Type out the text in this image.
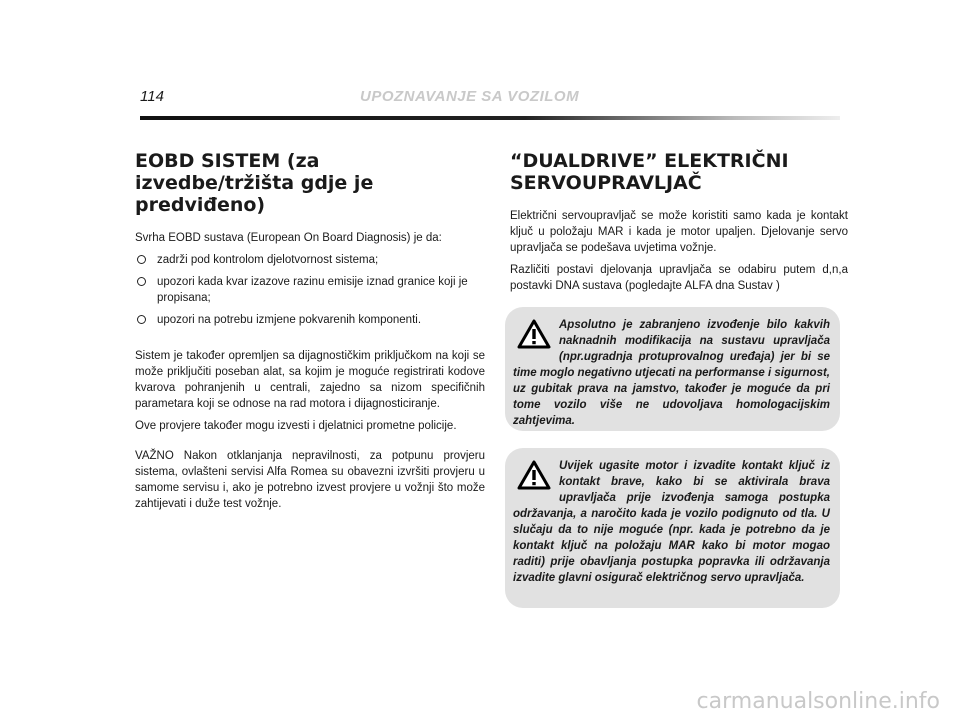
114	UPOZNAVANJE SA VOZILOM
EOBD SISTEM (za izvedbe/tržišta gdje je predviđeno)

Svrha EOBD sustava (European On Board Diagnosis) je da:

zadrži pod kontrolom djelotvornost sistema;
upozori kada kvar izazove razinu emisije iznad granice koji je propisana;
upozori na potrebu izmjene pokvarenih komponenti.

Sistem je također opremljen sa dijagnostičkim priključkom na koji se može priključiti poseban alat, sa kojim je moguće registrirati kodove kvarova pohranjenih u centrali, zajedno sa nizom specifičnih parametara koji se odnose na rad motora i dijagnosticiranje.

Ove provjere također mogu izvesti i djelatnici prometne policije.

VAŽNO Nakon otklanjanja nepravilnosti, za potpunu provjeru sistema, ovlašteni servisi Alfa Romea su obavezni izvršiti provjeru u samome servisu i, ako je potrebno izvest provjere u vožnji što može zahtijevati i duže test vožnje.

“DUALDRIVE” ELEKTRIČNI SERVOUPRAVLJAČ

Električni servoupravljač se može koristiti samo kada je kontakt ključ u položaju MAR i kada je motor upaljen. Djelovanje servo upravljača se podešava uvjetima vožnje.

Različiti postavi djelovanja upravljača se odabiru putem d,n,a postavki DNA sustava (pogledajte ALFA dna Sustav )

Apsolutno je zabranjeno izvođenje bilo kakvih naknadnih modifikacija na sustavu upravljača (npr.ugradnja protuprovalnog uređaja) jer bi se time moglo negativno utjecati na performanse i sigurnost, uz gubitak prava na jamstvo, također je moguće da pri tome vozilo više ne udovoljava homologacijskim zahtjevima.

Uvijek ugasite motor i izvadite kontakt ključ iz kontakt brave, kako bi se aktivirala brava upravljača prije izvođenja samoga postupka održavanja, a naročito kada je vozilo podignuto od tla. U slučaju da to nije moguće (npr. kada je potrebno da je kontakt ključ na položaju MAR kako bi motor mogao raditi) prije obavljanja postupka popravka ili održavanja izvadite glavni osigurač električnog servo upravljača.

carmanualsonline.info
